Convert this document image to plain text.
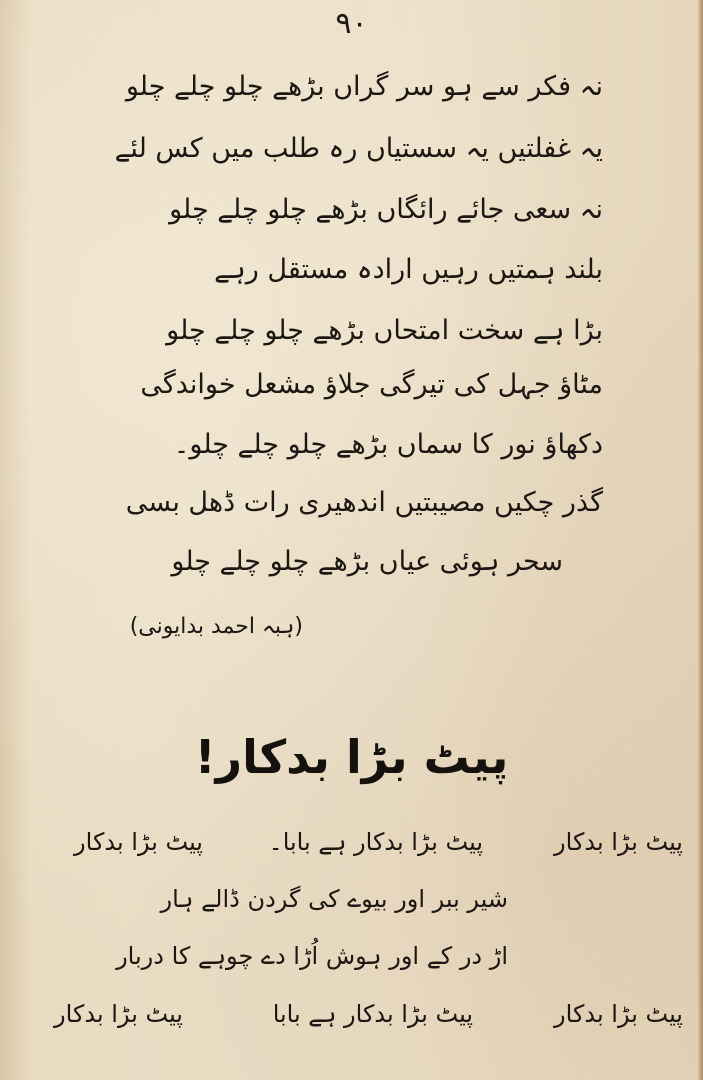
۹۰
نہ فکر سے ہو سر گراں بڑھے چلو چلے چلو
یہ غفلتیں یہ سستیاں رہ طلب میں کس لئے
نہ سعی جائے رائگاں بڑھے چلو چلے چلو
بلند ہمتیں رہیں ارادہ مستقل رہے
بڑا ہے سخت امتحاں بڑھے چلو چلے چلو
مٹاؤ جہل کی تیرگی جلاؤ مشعل خواندگی
دکھاؤ نور کا سماں بڑھے چلو چلے چلو۔
گذر چکیں مصیبتیں اندھیری رات ڈھل بسی
سحر ہوئی عیاں بڑھے چلو چلے چلو
(ہبہ احمد بدایونی)
پیٹ بڑا بدکار!
پیٹ بڑا بدکار
پیٹ بڑا بدکار ہے بابا۔
پیٹ بڑا بدکار
شیر ببر اور بیوے کی گردن ڈالے ہار
اڑ در کے اور ہوش اُڑا دے چوہے کا دربار
پیٹ بڑا بدکار
پیٹ بڑا بدکار ہے بابا
پیٹ بڑا بدکار
